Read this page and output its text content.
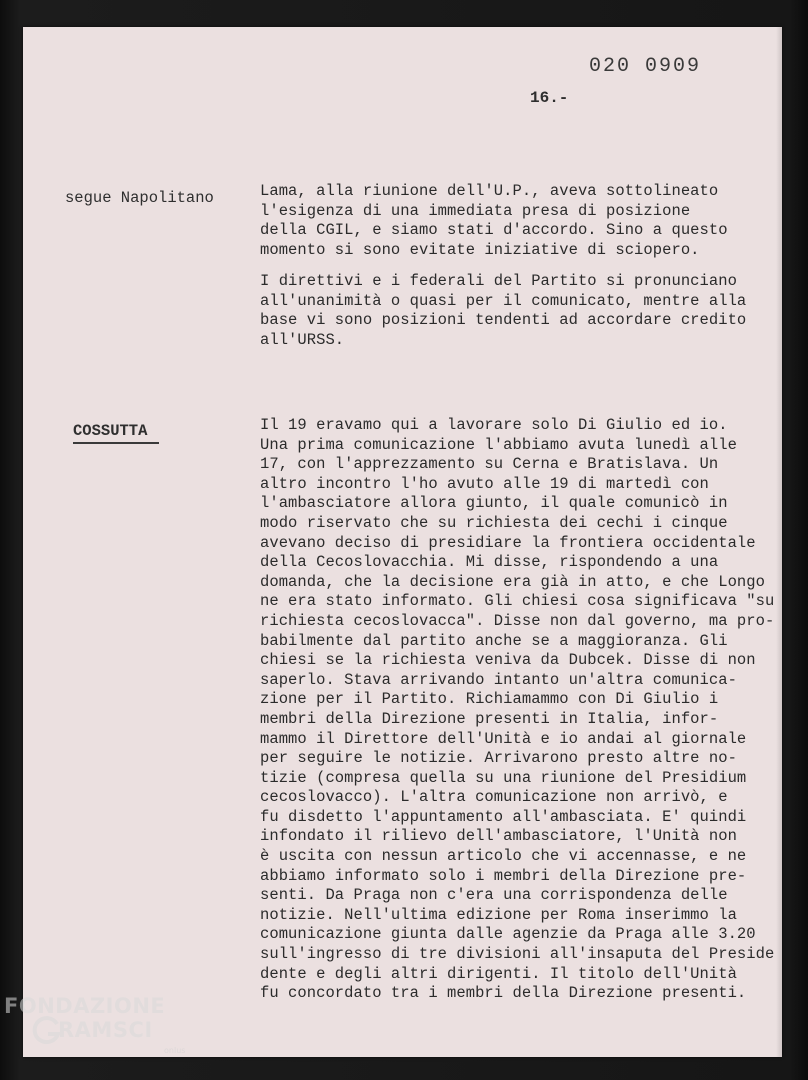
020 0909
16.-
segue Napolitano	Lama, alla riunione dell'U.P., aveva sottolineato
l'esigenza di una immediata presa di posizione
della CGIL, e siamo stati d'accordo. Sino a questo
momento si sono evitate iniziative di sciopero.
I direttivi e i federali del Partito si pronunciano
all'unanimità o quasi per il comunicato, mentre alla
base vi sono posizioni tendenti ad accordare credito
all'URSS.
COSSUTTA	Il 19 eravamo qui a lavorare solo Di Giulio ed io.
Una prima comunicazione l'abbiamo avuta lunedì alle
17, con l'apprezzamento su Cerna e Bratislava. Un
altro incontro l'ho avuto alle 19 di martedì con
l'ambasciatore allora giunto, il quale comunicò in
modo riservato che su richiesta dei cechi i cinque
avevano deciso di presidiare la frontiera occidentale
della Cecoslovacchia. Mi disse, rispondendo a una
domanda, che la decisione era già in atto, e che Longo
ne era stato informato. Gli chiesi cosa significava "su
richiesta cecoslovacca". Disse non dal governo, ma pro-
babilmente dal partito anche se a maggioranza. Gli
chiesi se la richiesta veniva da Dubcek. Disse di non
saperlo. Stava arrivando intanto un'altra comunica-
zione per il Partito. Richiamammo con Di Giulio i
membri della Direzione presenti in Italia, infor-
mammo il Direttore dell'Unità e io andai al giornale
per seguire le notizie. Arrivarono presto altre no-
tizie (compresa quella su una riunione del Presidium
cecoslovacco). L'altra comunicazione non arrivò, e
fu disdetto l'appuntamento all'ambasciata. E' quindi
infondato il rilievo dell'ambasciatore, l'Unità non
è uscita con nessun articolo che vi accennasse, e ne
abbiamo informato solo i membri della Direzione pre-
senti. Da Praga non c'era una corrispondenza delle
notizie. Nell'ultima edizione per Roma inserimmo la
comunicazione giunta dalle agenzie da Praga alle 3.20
sull'ingresso di tre divisioni all'insaputa del Preside
dente e degli altri dirigenti. Il titolo dell'Unità
fu concordato tra i membri della Direzione presenti.
FONDAZIONE
RAMSCI
onlus
